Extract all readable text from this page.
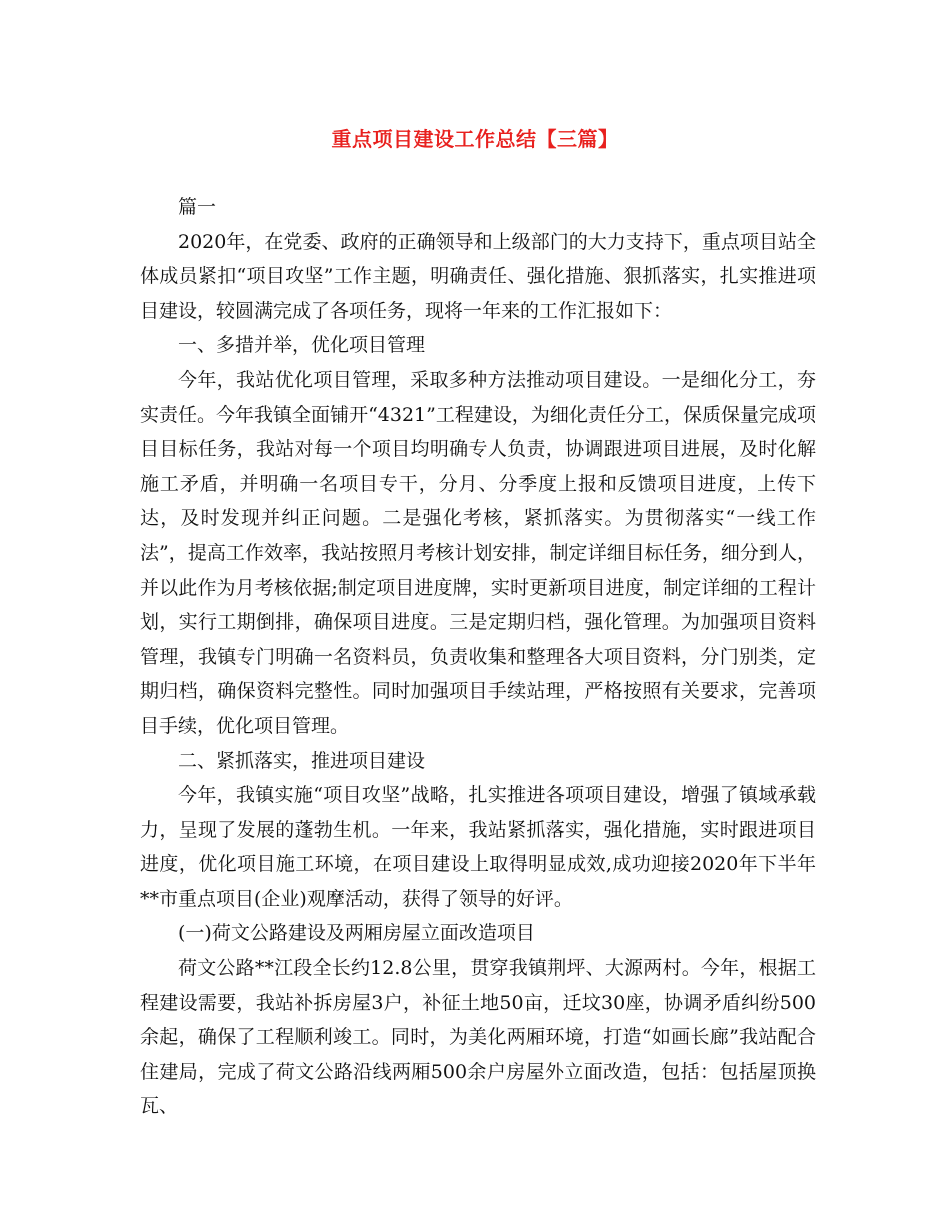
重点项目建设工作总结【三篇】

篇一

2020年，在党委、政府的正确领导和上级部门的大力支持下，重点项目站全体成员紧扣“项目攻坚”工作主题，明确责任、强化措施、狠抓落实，扎实推进项目建设，较圆满完成了各项任务，现将一年来的工作汇报如下：

一、多措并举，优化项目管理

今年，我站优化项目管理，采取多种方法推动项目建设。一是细化分工，夯实责任。今年我镇全面铺开“4321”工程建设，为细化责任分工，保质保量完成项目目标任务，我站对每一个项目均明确专人负责，协调跟进项目进展，及时化解施工矛盾，并明确一名项目专干，分月、分季度上报和反馈项目进度，上传下达，及时发现并纠正问题。二是强化考核，紧抓落实。为贯彻落实“一线工作法”，提高工作效率，我站按照月考核计划安排，制定详细目标任务，细分到人，并以此作为月考核依据;制定项目进度牌，实时更新项目进度，制定详细的工程计划，实行工期倒排，确保项目进度。三是定期归档，强化管理。为加强项目资料管理，我镇专门明确一名资料员，负责收集和整理各大项目资料，分门别类，定期归档，确保资料完整性。同时加强项目手续站理，严格按照有关要求，完善项目手续，优化项目管理。

二、紧抓落实，推进项目建设

今年，我镇实施“项目攻坚”战略，扎实推进各项项目建设，增强了镇域承载力，呈现了发展的蓬勃生机。一年来，我站紧抓落实，强化措施，实时跟进项目进度，优化项目施工环境，在项目建设上取得明显成效,成功迎接2020年下半年**市重点项目(企业)观摩活动，获得了领导的好评。

(一)荷文公路建设及两厢房屋立面改造项目

荷文公路**江段全长约12.8公里，贯穿我镇荆坪、大源两村。今年，根据工程建设需要，我站补拆房屋3户，补征土地50亩，迁坟30座，协调矛盾纠纷500余起，确保了工程顺利竣工。同时，为美化两厢环境，打造“如画长廊”我站配合住建局，完成了荷文公路沿线两厢500余户房屋外立面改造，包括：包括屋顶换瓦、
